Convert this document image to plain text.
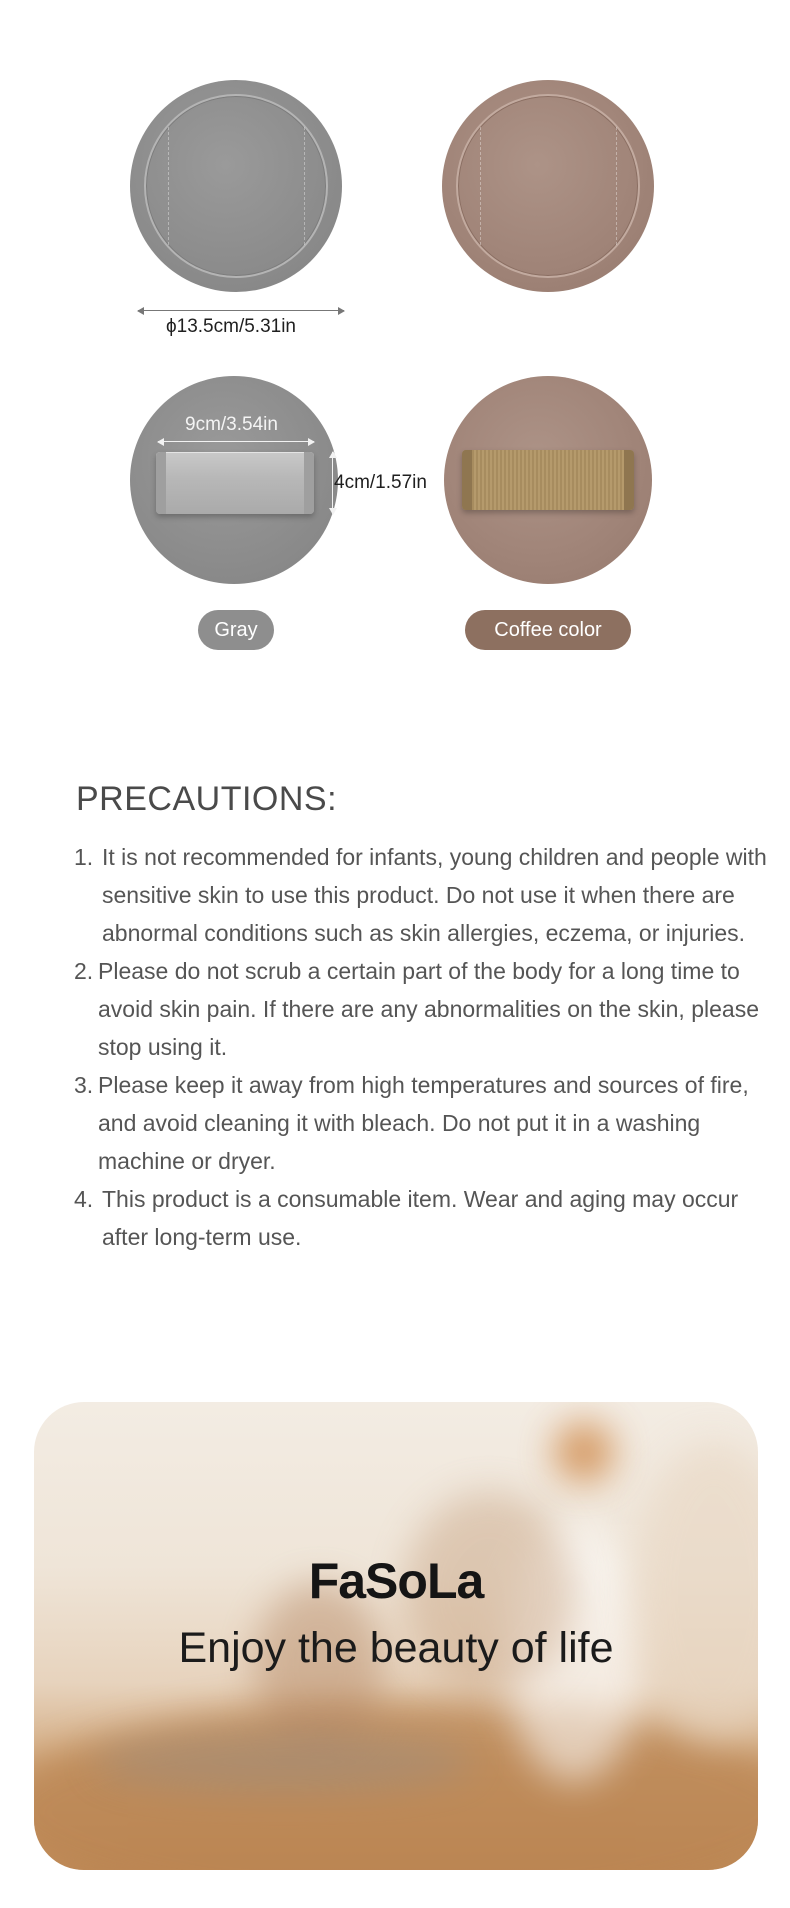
ϕ13.5cm/5.31in
9cm/3.54in
4cm/1.57in
Gray	Coffee color
PRECAUTIONS:
1. It is not recommended for infants, young children and people with sensitive skin to use this product. Do not use it when there are abnormal conditions such as skin allergies, eczema, or injuries.
2. Please do not scrub a certain part of the body for a long time to avoid skin pain. If there are any abnormalities on the skin, please stop using it.
3. Please keep it away from high temperatures and sources of fire, and avoid cleaning it with bleach. Do not put it in a washing machine or dryer.
4. This product is a consumable item. Wear and aging may occur after long-term use.
FaSoLa
Enjoy the beauty of life
